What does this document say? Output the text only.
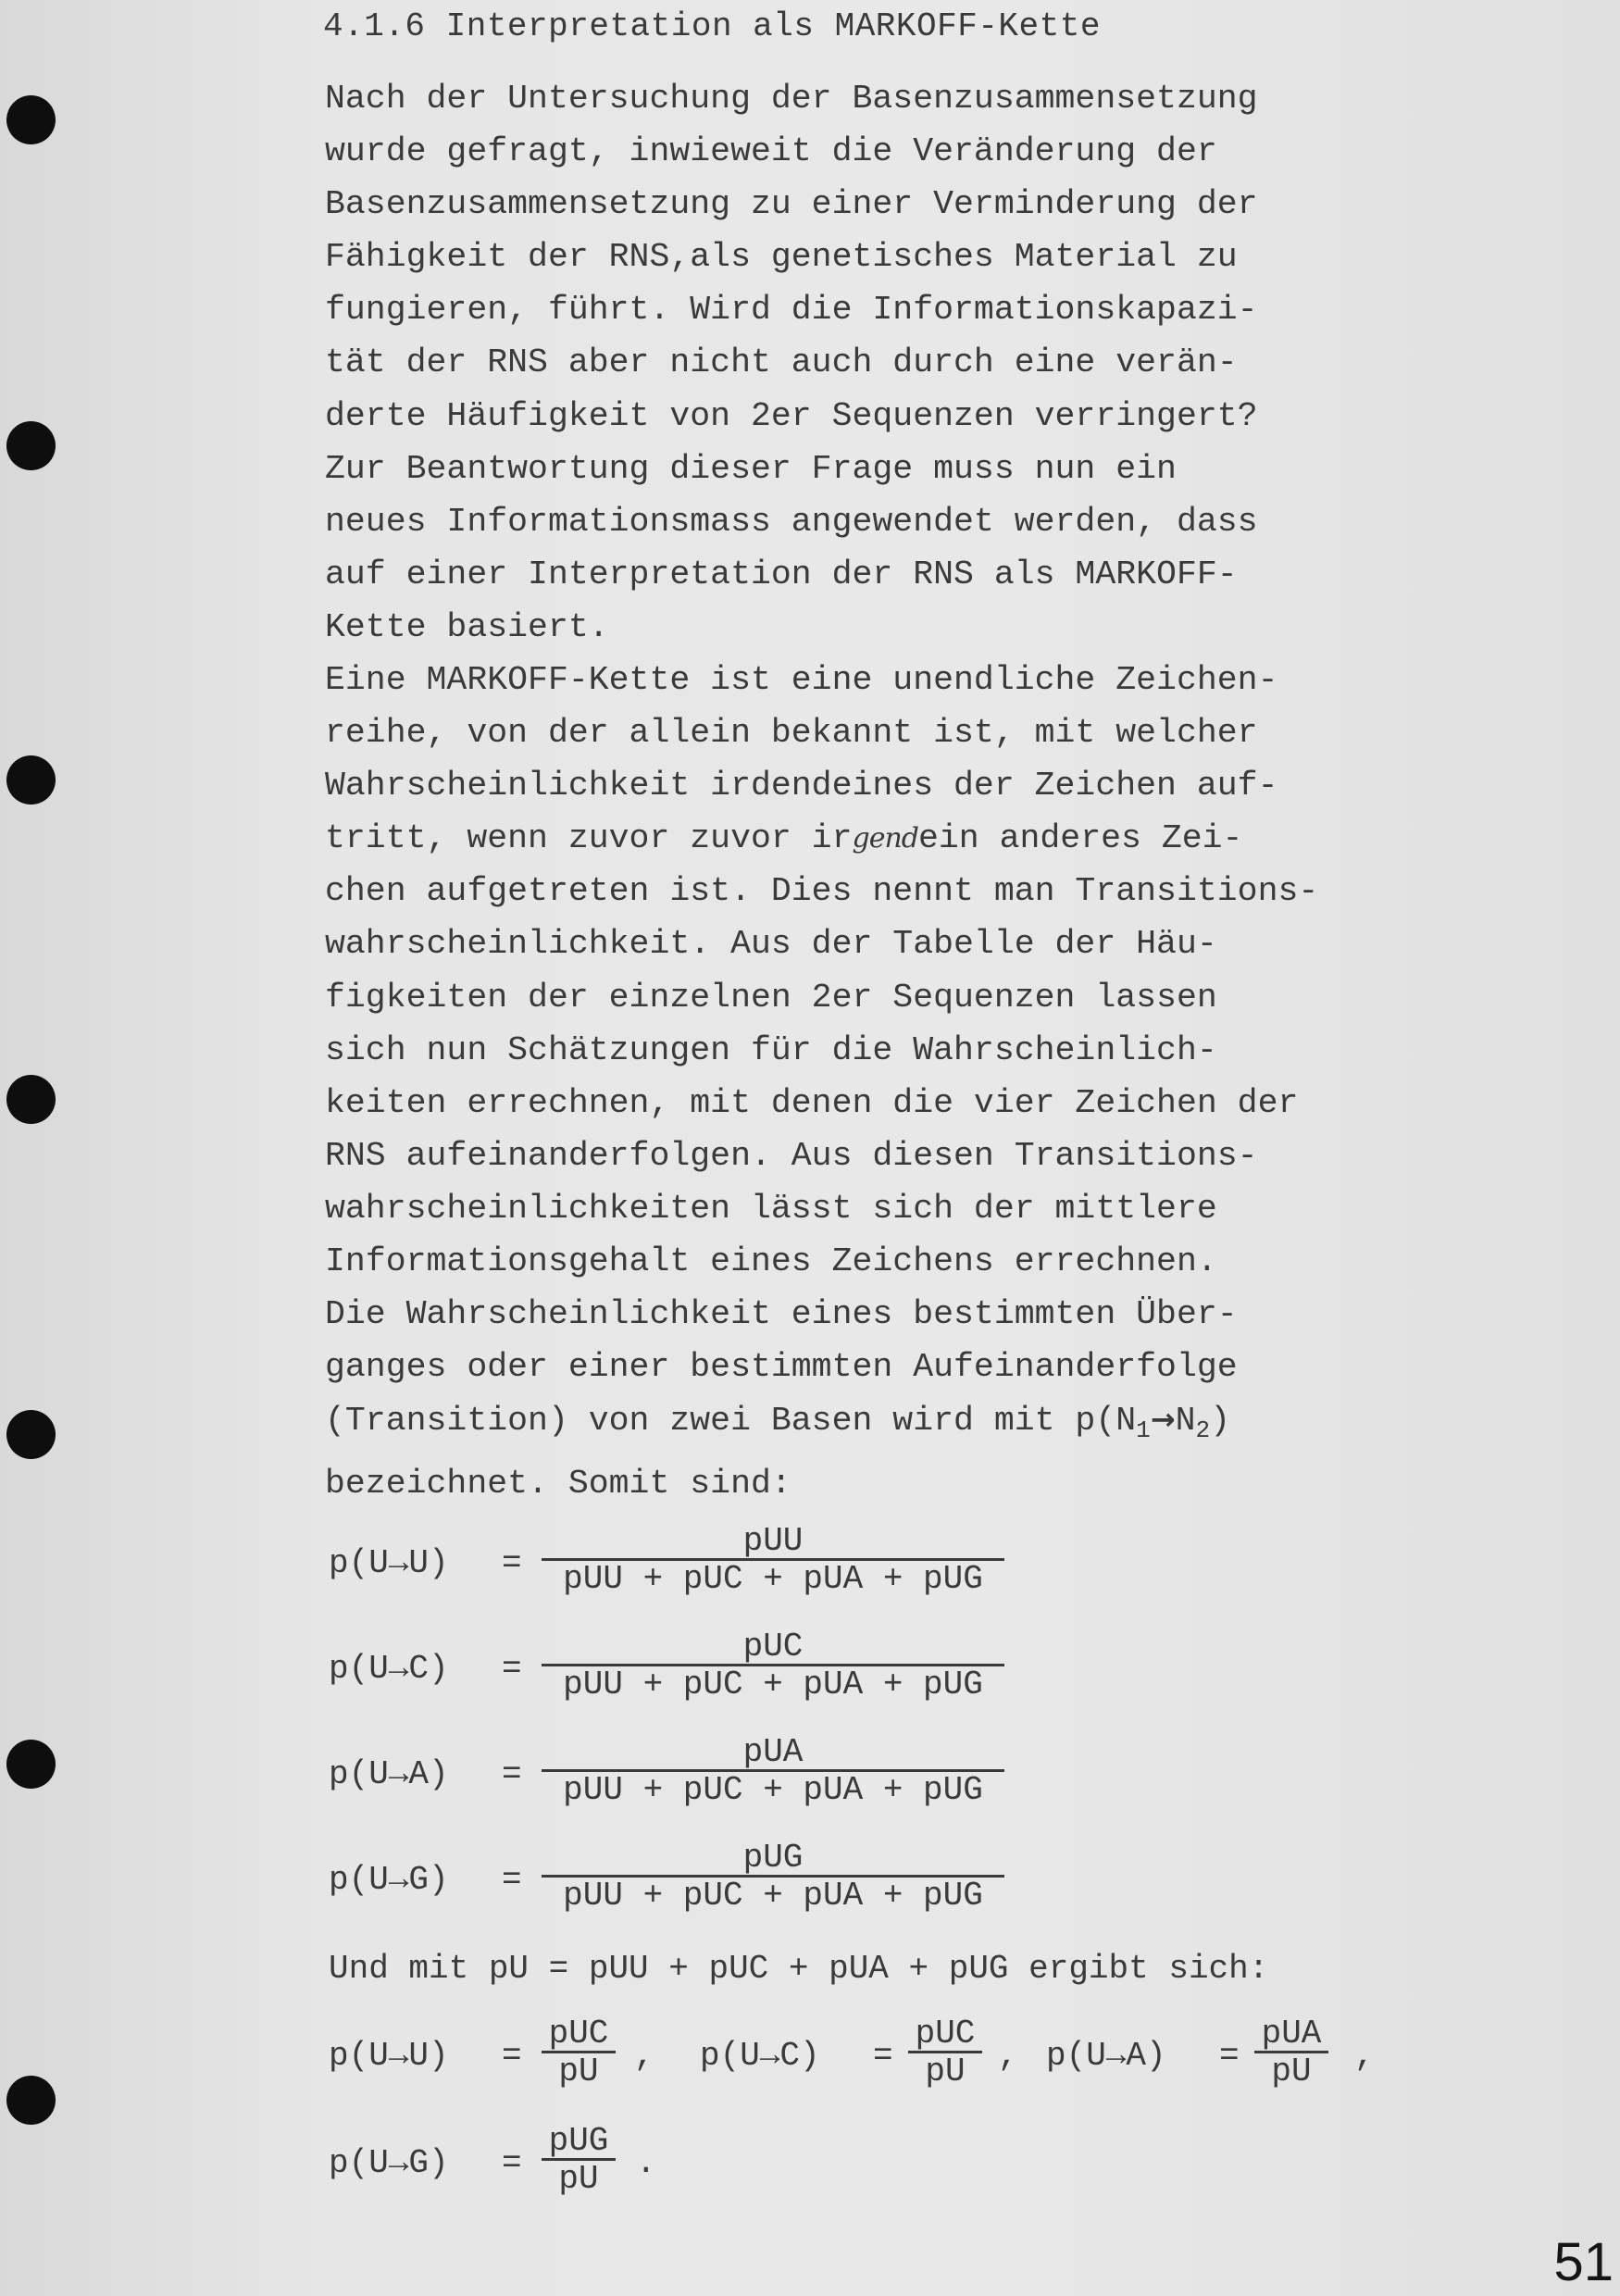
4.1.6 Interpretation als MARKOFF-Kette
Nach der Untersuchung der Basenzusammensetzung
wurde gefragt, inwieweit die Veränderung der
Basenzusammensetzung zu einer Verminderung der
Fähigkeit der RNS,als genetisches Material zu
fungieren, führt. Wird die Informationskapazi-
tät der RNS aber nicht auch durch eine verän-
derte Häufigkeit von 2er Sequenzen verringert?
Zur Beantwortung dieser Frage muss nun ein
neues Informationsmass angewendet werden, dass
auf einer Interpretation der RNS als MARKOFF-
Kette basiert.
Eine MARKOFF-Kette ist eine unendliche Zeichen-
reihe, von der allein bekannt ist, mit welcher
Wahrscheinlichkeit irdendeines der Zeichen auf-
tritt, wenn zuvor zuvor irgendein anderes Zei-
chen aufgetreten ist. Dies nennt man Transitions-
wahrscheinlichkeit. Aus der Tabelle der Häu-
figkeiten der einzelnen 2er Sequenzen lassen
sich nun Schätzungen für die Wahrscheinlich-
keiten errechnen, mit denen die vier Zeichen der
RNS aufeinanderfolgen. Aus diesen Transitions-
wahrscheinlichkeiten lässt sich der mittlere
Informationsgehalt eines Zeichens errechnen.
Die Wahrscheinlichkeit eines bestimmten Über-
ganges oder einer bestimmten Aufeinanderfolge
(Transition) von zwei Basen wird mit $p(N_1\to N_2)$
bezeichnet. Somit sind:
p(U→U) =
pUU
pUU + pUC + pUA + pUG
p(U→C) =
pUC
pUU + pUC + pUA + pUG
p(U→A) =
pUA
pUU + pUC + pUA + pUG
p(U→G) =
pUG
pUU + pUC + pUA + pUG
Und mit pU = pUU + pUC + pUA + pUG ergibt sich:
p(U→U) =
pUC
pU	, p(U→C) =
pUC
pU , p(U→A) =
pUA
pU	,
p(U→G) =
pUG
pU	.
51
